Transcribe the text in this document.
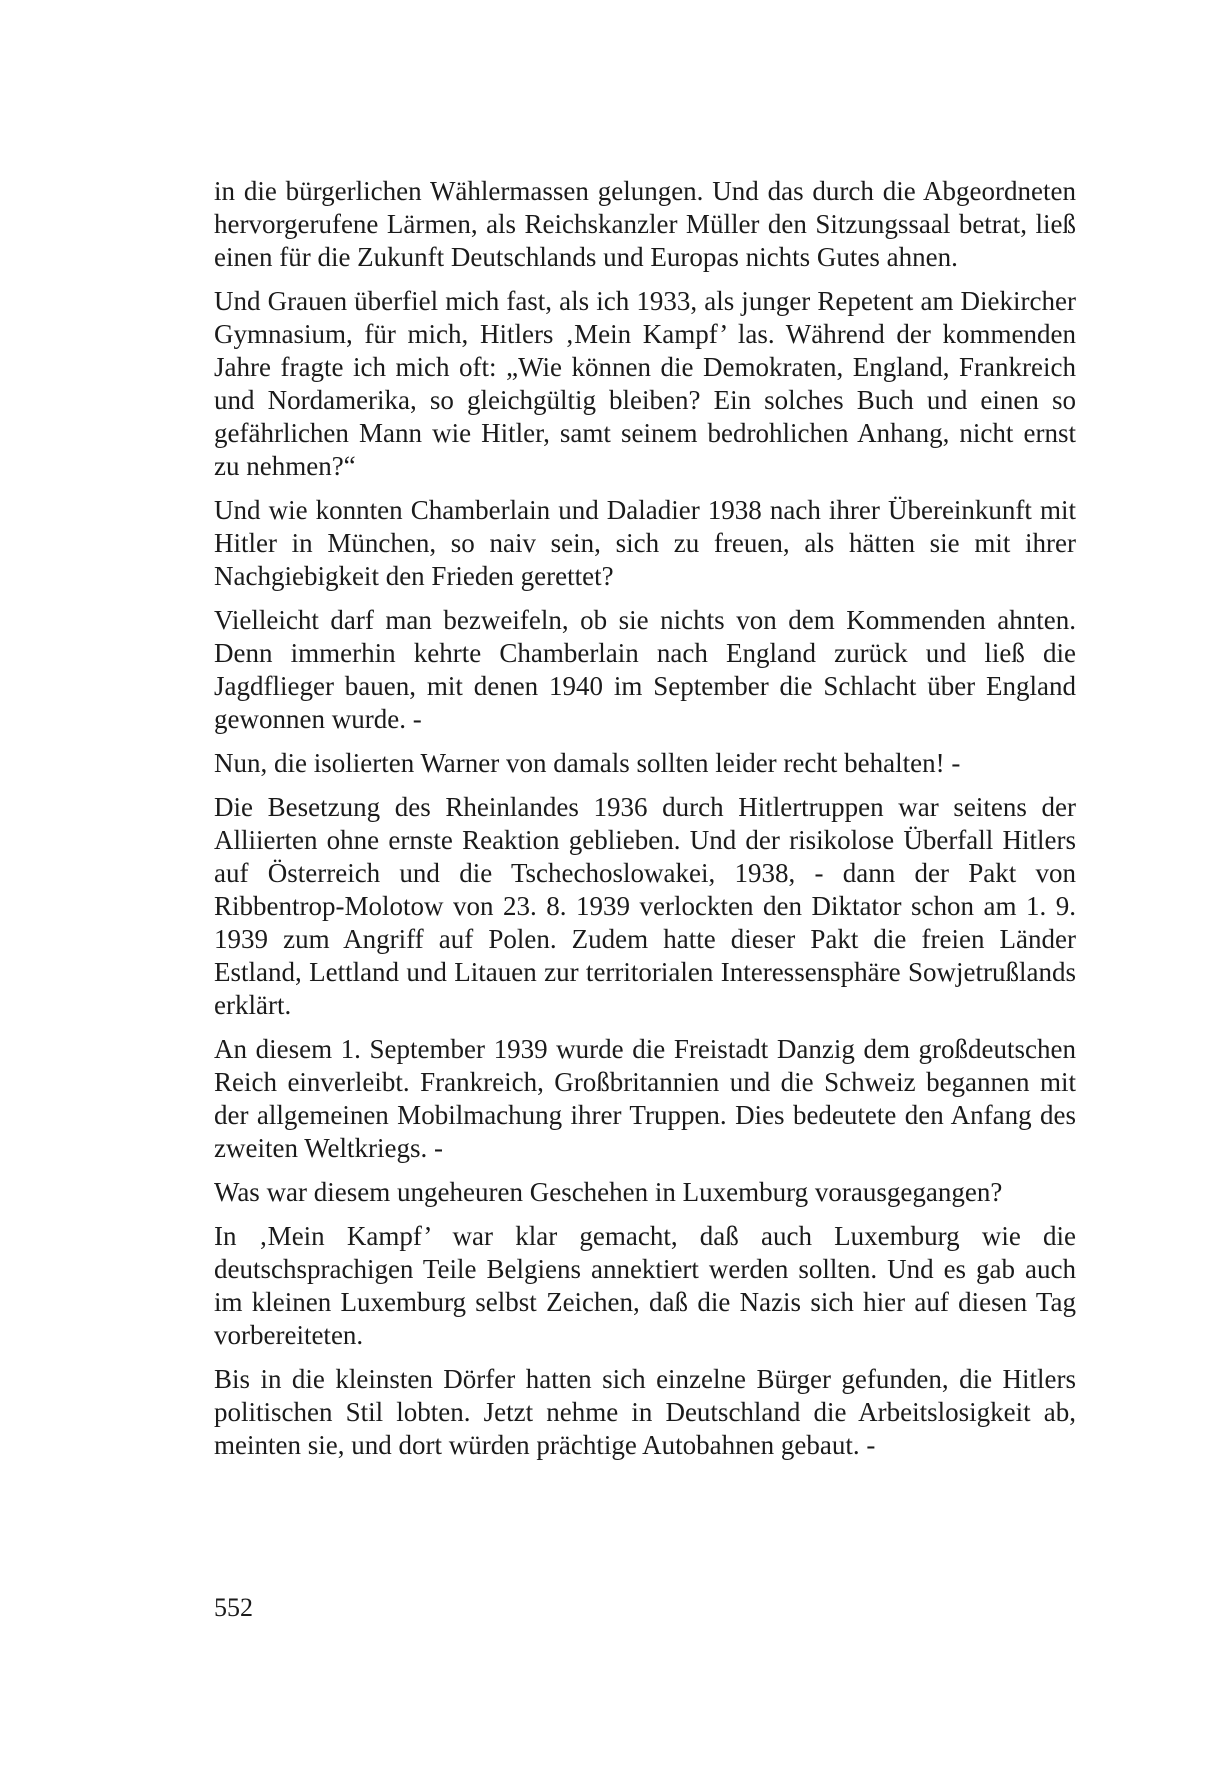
in die bürgerlichen Wählermassen gelungen. Und das durch die Abgeordneten hervorgerufene Lärmen, als Reichskanzler Müller den Sitzungssaal betrat, ließ einen für die Zukunft Deutschlands und Europas nichts Gutes ahnen.

Und Grauen überfiel mich fast, als ich 1933, als junger Repetent am Diekircher Gymnasium, für mich, Hitlers ‚Mein Kampf’ las. Während der kommenden Jahre fragte ich mich oft: „Wie können die Demokraten, England, Frankreich und Nordamerika, so gleichgültig bleiben? Ein solches Buch und einen so gefährlichen Mann wie Hitler, samt seinem bedrohlichen Anhang, nicht ernst zu nehmen?“

Und wie konnten Chamberlain und Daladier 1938 nach ihrer Übereinkunft mit Hitler in München, so naiv sein, sich zu freuen, als hätten sie mit ihrer Nachgiebigkeit den Frieden gerettet?

Vielleicht darf man bezweifeln, ob sie nichts von dem Kommenden ahnten. Denn immerhin kehrte Chamberlain nach England zurück und ließ die Jagdflieger bauen, mit denen 1940 im September die Schlacht über England gewonnen wurde. -

Nun, die isolierten Warner von damals sollten leider recht behalten! -

Die Besetzung des Rheinlandes 1936 durch Hitlertruppen war seitens der Alliierten ohne ernste Reaktion geblieben. Und der risikolose Überfall Hitlers auf Österreich und die Tschechoslowakei, 1938, - dann der Pakt von Ribbentrop-Molotow von 23. 8. 1939 verlockten den Diktator schon am 1. 9. 1939 zum Angriff auf Polen. Zudem hatte dieser Pakt die freien Länder Estland, Lettland und Litauen zur territorialen Interessensphäre Sowjetrußlands erklärt.

An diesem 1. September 1939 wurde die Freistadt Danzig dem großdeutschen Reich einverleibt. Frankreich, Großbritannien und die Schweiz begannen mit der allgemeinen Mobilmachung ihrer Truppen. Dies bedeutete den Anfang des zweiten Weltkriegs. -

Was war diesem ungeheuren Geschehen in Luxemburg vorausgegangen?

In ‚Mein Kampf’ war klar gemacht, daß auch Luxemburg wie die deutschsprachigen Teile Belgiens annektiert werden sollten. Und es gab auch im kleinen Luxemburg selbst Zeichen, daß die Nazis sich hier auf diesen Tag vorbereiteten.

Bis in die kleinsten Dörfer hatten sich einzelne Bürger gefunden, die Hitlers politischen Stil lobten. Jetzt nehme in Deutschland die Arbeitslosigkeit ab, meinten sie, und dort würden prächtige Autobahnen gebaut. -

552
